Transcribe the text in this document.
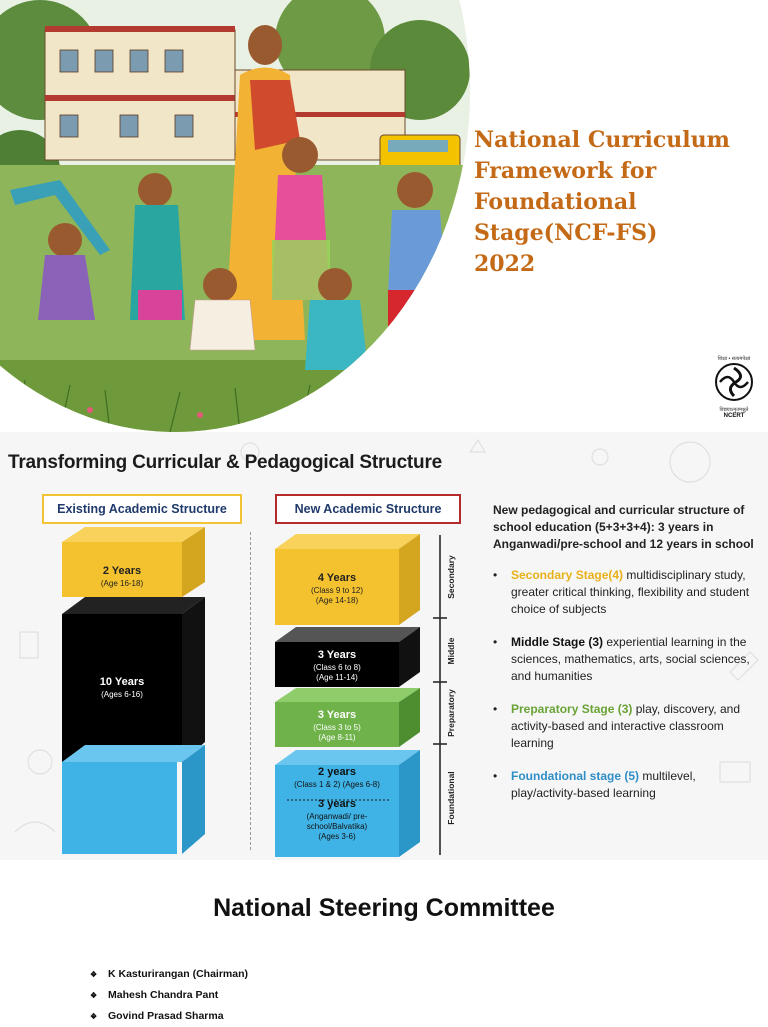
National Curriculum
Framework for
Foundational
Stage(NCF-FS)
2022
शिक्षा • सत्यमपेक्ष्यं
विद्ययाऽमृतमश्नुते
NCERT
Transforming Curricular & Pedagogical Structure
Existing Academic Structure	New Academic Structure
2 Years
(Age 16-18)
10 Years
(Ages 6-16)
4 Years
(Class 9 to 12)
(Age 14-18)
3 Years
(Class 6 to 8)
(Age 11-14)
3 Years
(Class 3 to 5)
(Age 8-11)
2 years
(Class 1 & 2) (Ages 6-8)
3 years
(Anganwadi/ pre-
school/Balvatika)
(Ages 3-6)
Secondary
Middle
Preparatory
Foundational
New pedagogical and curricular structure of school education (5+3+3+4): 3 years in Anganwadi/pre-school and 12 years in school
• Secondary Stage(4) multidisciplinary study, greater critical thinking, flexibility and student choice of subjects
• Middle Stage (3) experiential learning in the sciences, mathematics, arts, social sciences, and humanities
• Preparatory Stage (3) play, discovery, and activity-based and interactive classroom learning
• Foundational stage (5) multilevel, play/activity-based learning
National Steering Committee
❖ K Kasturirangan (Chairman)
❖ Mahesh Chandra Pant
❖ Govind Prasad Sharma
